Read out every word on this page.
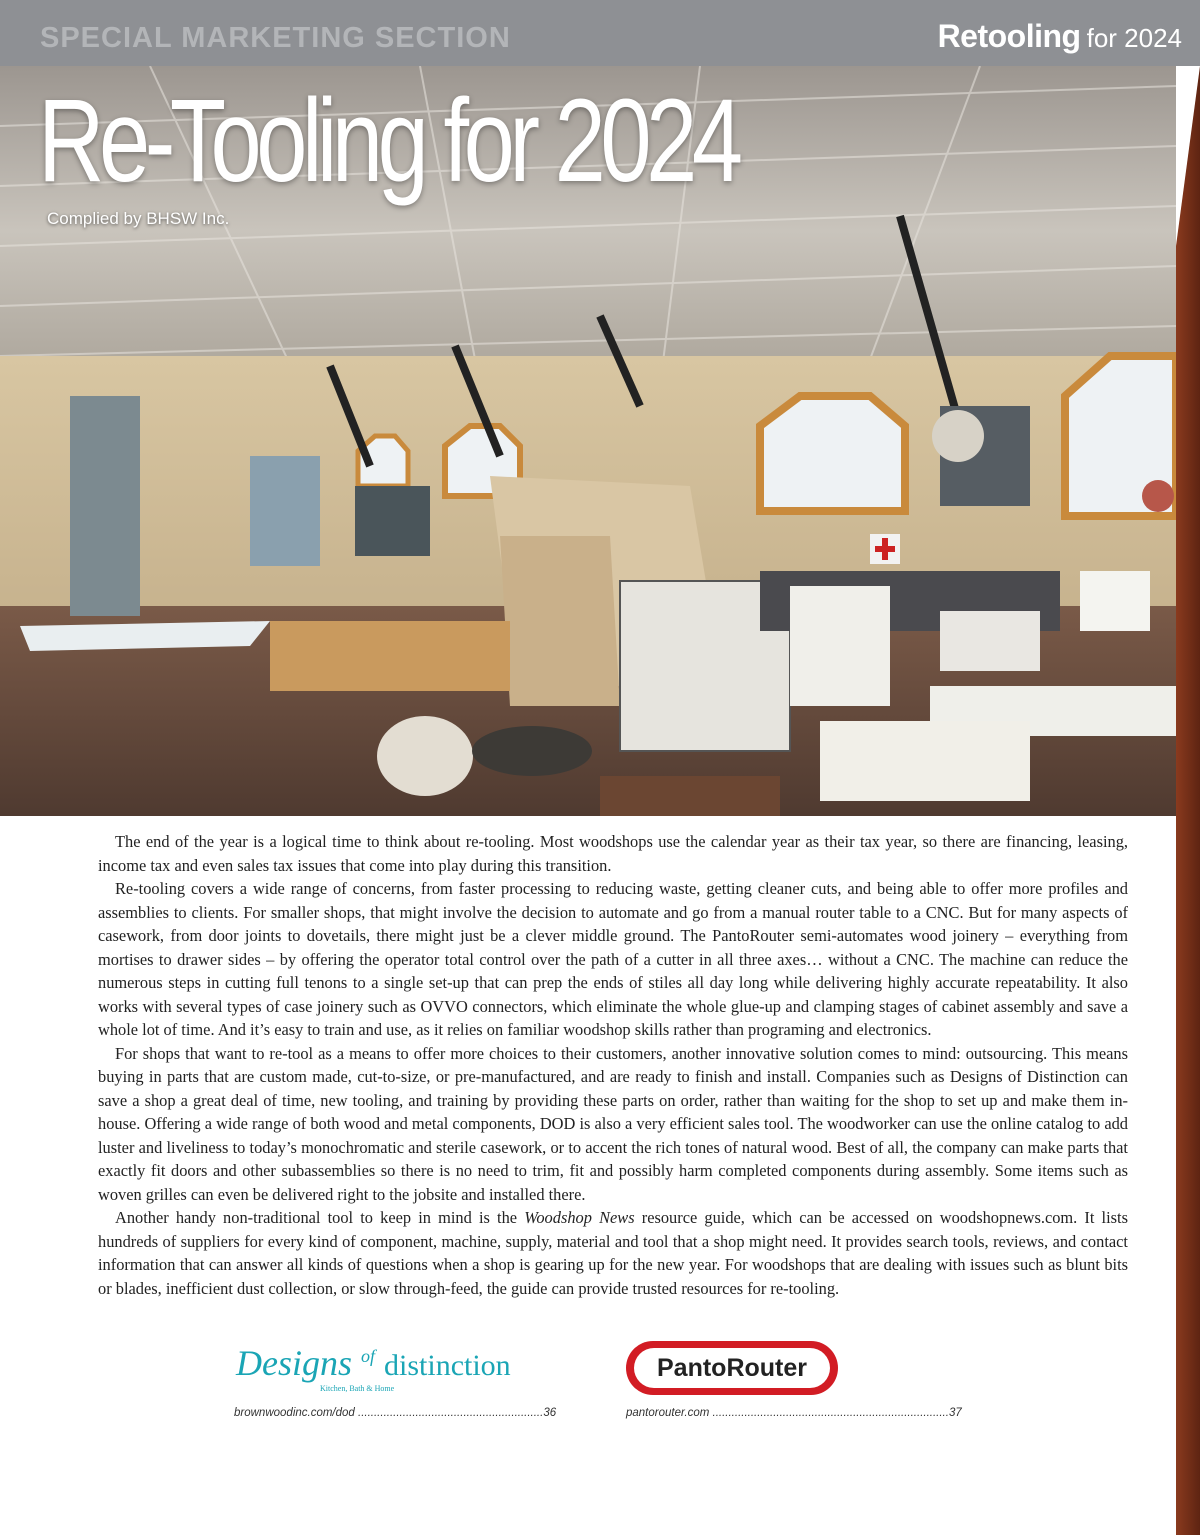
SPECIAL MARKETING SECTION	Retooling for 2024
Re-Tooling for 2024
Complied by BHSW Inc.

The end of the year is a logical time to think about re-tooling. Most woodshops use the calendar year as their tax year, so there are financing, leasing, income tax and even sales tax issues that come into play during this transition.

Re-tooling covers a wide range of concerns, from faster processing to reducing waste, getting cleaner cuts, and being able to offer more profiles and assemblies to clients. For smaller shops, that might involve the decision to automate and go from a manual router table to a CNC. But for many aspects of casework, from door joints to dovetails, there might just be a clever middle ground. The PantoRouter semi-automates wood joinery – everything from mortises to drawer sides – by offering the operator total control over the path of a cutter in all three axes… without a CNC. The machine can reduce the numerous steps in cutting full tenons to a single set-up that can prep the ends of stiles all day long while delivering highly accurate repeatability. It also works with several types of case joinery such as OVVO connectors, which eliminate the whole glue-up and clamping stages of cabinet assembly and save a whole lot of time. And it’s easy to train and use, as it relies on familiar woodshop skills rather than programing and electronics.

For shops that want to re-tool as a means to offer more choices to their customers, another innovative solution comes to mind: outsourcing. This means buying in parts that are custom made, cut-to-size, or pre-manufactured, and are ready to finish and install. Companies such as Designs of Distinction can save a shop a great deal of time, new tooling, and training by providing these parts on order, rather than waiting for the shop to set up and make them in-house. Offering a wide range of both wood and metal components, DOD is also a very efficient sales tool. The woodworker can use the online catalog to add luster and liveliness to today’s monochromatic and sterile casework, or to accent the rich tones of natural wood. Best of all, the company can make parts that exactly fit doors and other subassemblies so there is no need to trim, fit and possibly harm completed components during assembly. Some items such as woven grilles can even be delivered right to the jobsite and installed there.

Another handy non-traditional tool to keep in mind is the Woodshop News resource guide, which can be accessed on woodshopnews.com. It lists hundreds of suppliers for every kind of component, machine, supply, material and tool that a shop might need. It provides search tools, reviews, and contact information that can answer all kinds of questions when a shop is gearing up for the new year. For woodshops that are dealing with issues such as blunt bits or blades, inefficient dust collection, or slow through-feed, the guide can provide trusted resources for re-tooling.

Designs $^{of}$ distinction
Kitchen, Bath & Home
brownwoodinc.com/dod ..........................................................36
PantoRouter
pantorouter.com ..........................................................................37
